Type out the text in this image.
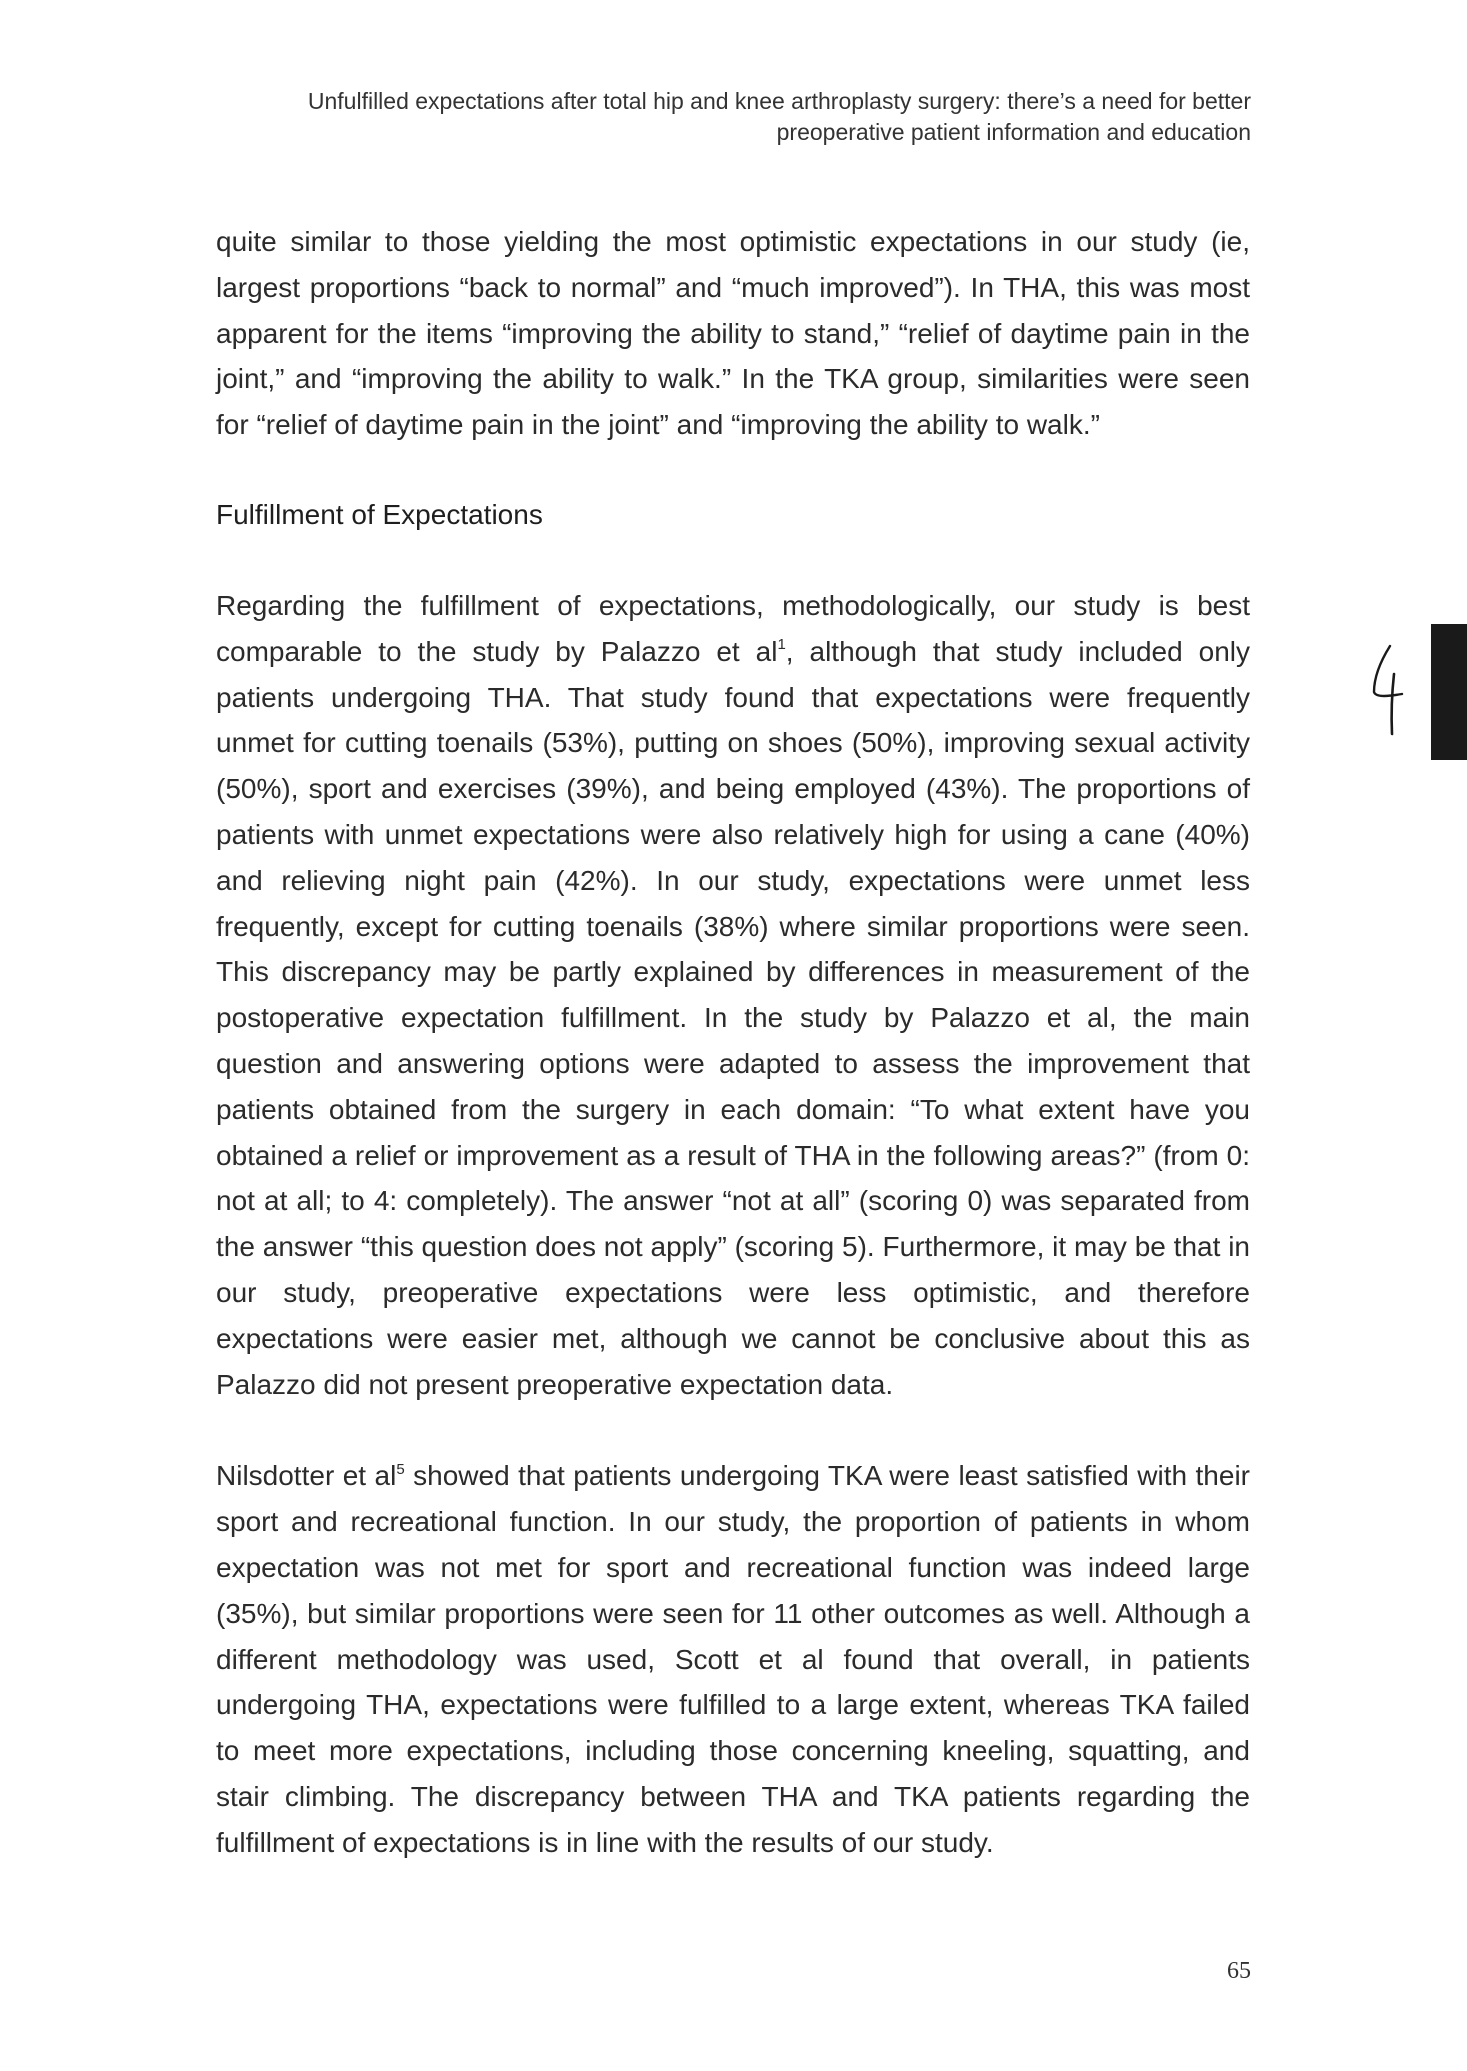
Unfulfilled expectations after total hip and knee arthroplasty surgery: there’s a need for better
preoperative patient information and education

quite similar to those yielding the most optimistic expectations in our study (ie, largest proportions “back to normal” and “much improved”). In THA, this was most apparent for the items “improving the ability to stand,” “relief of daytime pain in the joint,” and “improving the ability to walk.” In the TKA group, similarities were seen for “relief of daytime pain in the joint” and “improving the ability to walk.”

Fulfillment of Expectations

Regarding the fulfillment of expectations, methodologically, our study is best comparable to the study by Palazzo et $al^1$, although that study included only patients undergoing THA. That study found that expectations were frequently unmet for cutting toenails (53%), putting on shoes (50%), improving sexual activity (50%), sport and exercises (39%), and being employed (43%). The proportions of patients with unmet expectations were also relatively high for using a cane (40%) and relieving night pain (42%). In our study, expectations were unmet less frequently, except for cutting toenails (38%) where similar proportions were seen. This discrepancy may be partly explained by differences in measurement of the postoperative expectation fulfillment. In the study by Palazzo et al, the main question and answering options were adapted to assess the improvement that patients obtained from the surgery in each domain: “To what extent have you obtained a relief or improvement as a result of THA in the following areas?” (from 0: not at all; to 4: completely). The answer “not at all” (scoring 0) was separated from the answer “this question does not apply” (scoring 5). Furthermore, it may be that in our study, preoperative expectations were less optimistic, and therefore expectations were easier met, although we cannot be conclusive about this as Palazzo did not present preoperative expectation data.

Nilsdotter et $al^5$ showed that patients undergoing TKA were least satisfied with their sport and recreational function. In our study, the proportion of patients in whom expectation was not met for sport and recreational function was indeed large (35%), but similar proportions were seen for 11 other outcomes as well. Although a different methodology was used, Scott et al found that overall, in patients undergoing THA, expectations were fulfilled to a large extent, whereas TKA failed to meet more expectations, including those concerning kneeling, squatting, and stair climbing. The discrepancy between THA and TKA patients regarding the fulfillment of expectations is in line with the results of our study.

65
